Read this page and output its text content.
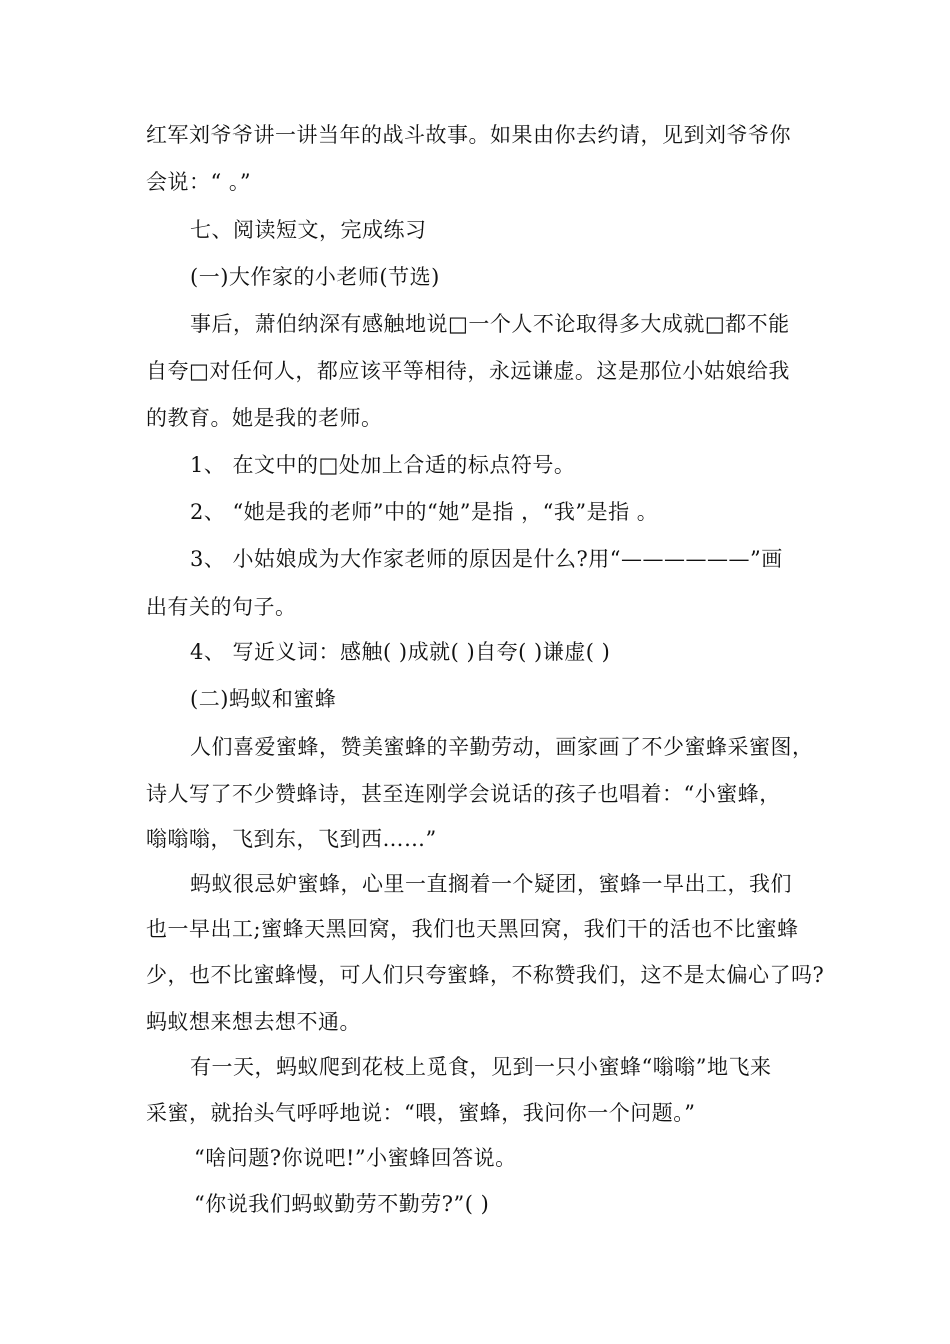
红军刘爷爷讲一讲当年的战斗故事。如果由你去约请，见到刘爷爷你
会说：“ 。”
七、阅读短文，完成练习
(一)大作家的小老师(节选)
事后，萧伯纳深有感触地说□一个人不论取得多大成就□都不能
自夸□对任何人，都应该平等相待，永远谦虚。这是那位小姑娘给我
的教育。她是我的老师。
1、 在文中的□处加上合适的标点符号。
2、 “她是我的老师”中的“她”是指 ，“我”是指 。
3、 小姑娘成为大作家老师的原因是什么?用“——————”画
出有关的句子。
4、 写近义词：感触( )成就( )自夸( )谦虚( )
(二)蚂蚁和蜜蜂
人们喜爱蜜蜂，赞美蜜蜂的辛勤劳动，画家画了不少蜜蜂采蜜图，
诗人写了不少赞蜂诗，甚至连刚学会说话的孩子也唱着：“小蜜蜂，
嗡嗡嗡，飞到东，飞到西……”
蚂蚁很忌妒蜜蜂，心里一直搁着一个疑团，蜜蜂一早出工，我们
也一早出工;蜜蜂天黑回窝，我们也天黑回窝，我们干的活也不比蜜蜂
少，也不比蜜蜂慢，可人们只夸蜜蜂，不称赞我们，这不是太偏心了吗?
蚂蚁想来想去想不通。
有一天，蚂蚁爬到花枝上觅食，见到一只小蜜蜂“嗡嗡”地飞来
采蜜，就抬头气呼呼地说：“喂，蜜蜂，我问你一个问题。”
“啥问题?你说吧!”小蜜蜂回答说。
“你说我们蚂蚁勤劳不勤劳?”( )
